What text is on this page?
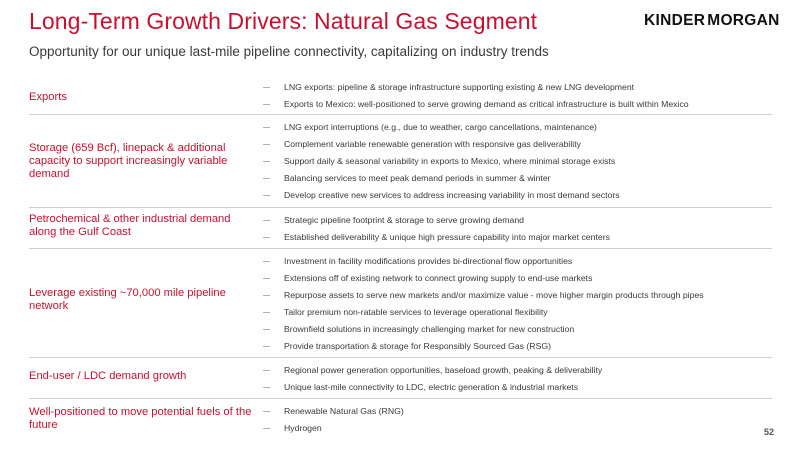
Long-Term Growth Drivers: Natural Gas Segment

Opportunity for our unique last-mile pipeline connectivity, capitalizing on industry trends

KINDER MORGAN
Exports
LNG exports: pipeline & storage infrastructure supporting existing & new LNG development
Exports to Mexico: well-positioned to serve growing demand as critical infrastructure is built within Mexico
Storage (659 Bcf), linepack & additional capacity to support increasingly variable demand
LNG export interruptions (e.g., due to weather, cargo cancellations, maintenance)
Complement variable renewable generation with responsive gas deliverability
Support daily & seasonal variability in exports to Mexico, where minimal storage exists
Balancing services to meet peak demand periods in summer & winter
Develop creative new services to address increasing variability in most demand sectors
Petrochemical & other industrial demand along the Gulf Coast
Strategic pipeline footprint & storage to serve growing demand
Established deliverability & unique high pressure capability into major market centers
Leverage existing ~70,000 mile pipeline network
Investment in facility modifications provides bi-directional flow opportunities
Extensions off of existing network to connect growing supply to end-use markets
Repurpose assets to serve new markets and/or maximize value - move higher margin products through pipes
Tailor premium non-ratable services to leverage operational flexibility
Brownfield solutions in increasingly challenging market for new construction
Provide transportation & storage for Responsibly Sourced Gas (RSG)
End-user / LDC demand growth	Regional power generation opportunities, baseload growth, peaking & deliverability
Unique last-mile connectivity to LDC, electric generation & industrial markets
Well-positioned to move potential fuels of the future
Renewable Natural Gas (RNG)
Hydrogen	52
